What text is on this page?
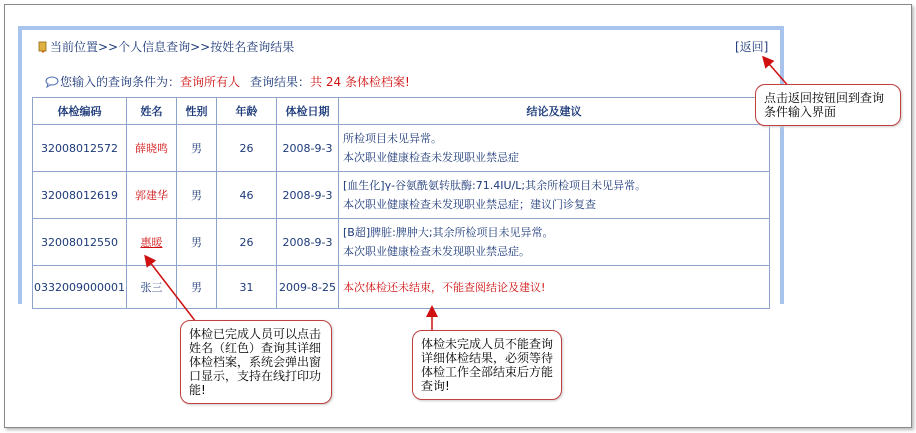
当前位置>>个人信息查询>>按姓名查询结果	[返回]
您输入的查询条件为： 查询所有人 查询结果： 共 24 条体检档案!
体检编码	姓名	性别	年龄	体检日期	结论及建议
32008012572	薛晓鸣	男	26	2008-9-3	所检项目未见异常。
本次职业健康检查未发现职业禁忌症

32008012619	郭建华	男	46	2008-9-3	[血生化]γ-谷氨酰氨转肽酶:71.4IU/L;其余所检项目未见异常。
本次职业健康检查未发现职业禁忌症；建议门诊复查

32008012550	惠暖	男	26	2008-9-3	[B超]脾脏:脾肿大;其余所检项目未见异常。
本次职业健康检查未发现职业禁忌症。

0332009000001	张三	男	31	2009-8-25	本次体检还未结束，不能查阅结论及建议!
点击返回按钮回到查询条件输入界面
体检已完成人员可以点击姓名（红色）查询其详细体检档案，系统会弹出窗口显示，支持在线打印功能!
体检未完成人员不能查询详细体检结果，必须等待体检工作全部结束后方能查询!
